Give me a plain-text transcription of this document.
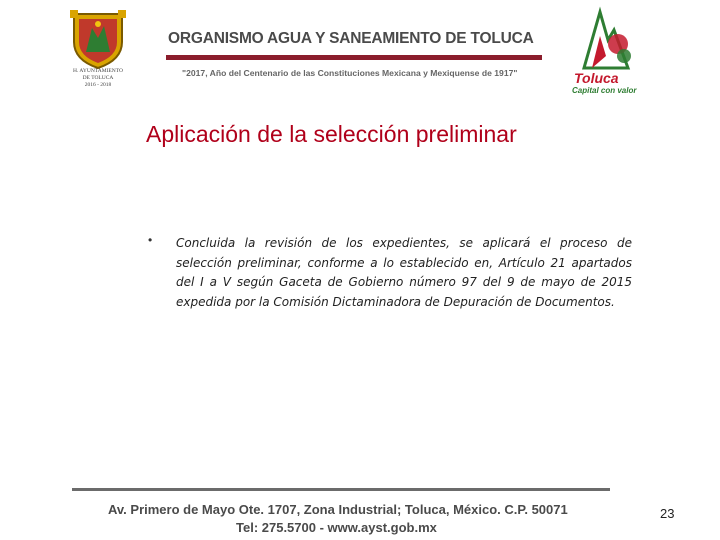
H. AYUNTAMIENTO
DE TOLUCA
2016 - 2018
ORGANISMO AGUA Y SANEAMIENTO DE TOLUCA
"2017, Año del Centenario de las Constituciones Mexicana y Mexiquense de 1917"	Toluca
Capital con valor
Aplicación de la selección preliminar
• Concluida la revisión de los expedientes, se aplicará el proceso de selección preliminar, conforme a lo establecido en, Artículo 21 apartados del I a V según Gaceta de Gobierno número 97 del 9 de mayo de 2015 expedida por la Comisión Dictaminadora de Depuración de Documentos.
Av. Primero de Mayo Ote. 1707, Zona Industrial; Toluca, México. C.P. 50071
Tel: 275.5700 - www.ayst.gob.mx
23
